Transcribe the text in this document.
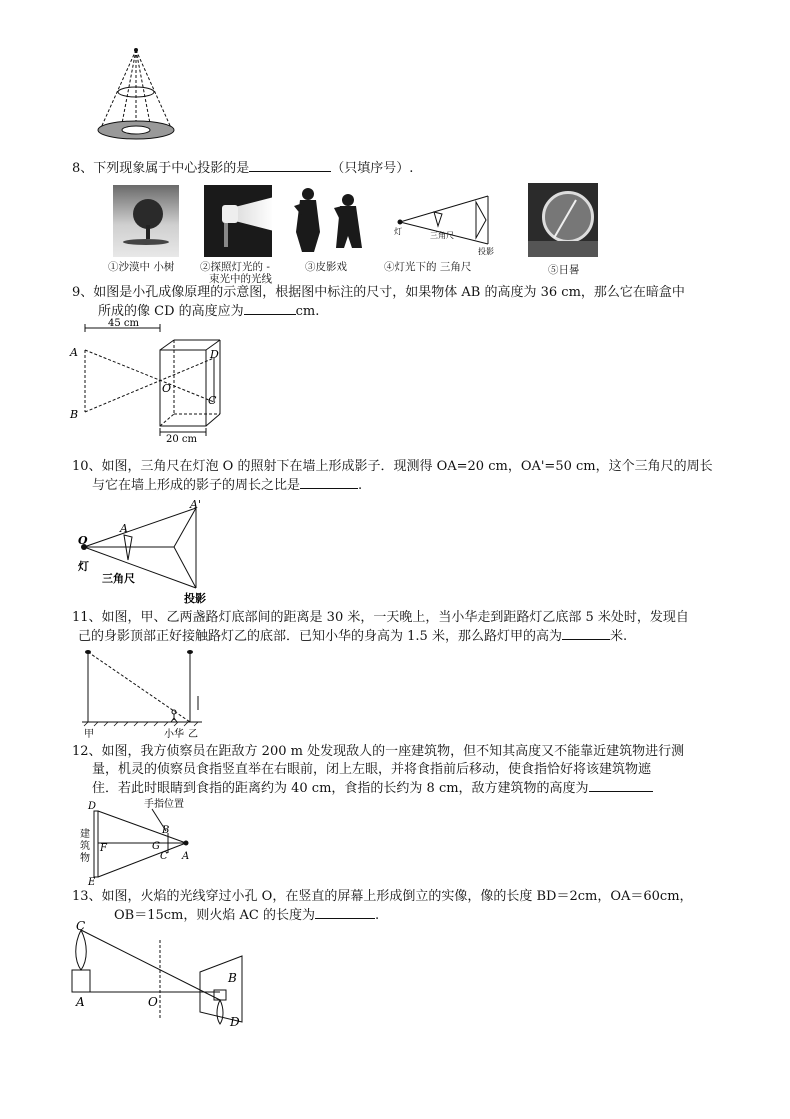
8、下列现象属于中心投影的是	（只填序号）.
灯	三角尺
投影
①沙漠中 小树 ②探照灯光的 -
束光中的光线
③皮影戏	④灯光下的 三角尺	⑤日晷
9、如图是小孔成像原理的示意图，根据图中标注的尺寸，如果物体 AB 的高度为 36 cm，那么它在暗盒中
所成的像 CD 的高度应为	cm.
45 cm
20 cm
A
B
O
D
C
10、如图，三角尺在灯泡 O 的照射下在墙上形成影子．现测得 OA=20 cm，OA'=50 cm，这个三角尺的周长
与它在墙上形成的影子的周长之比是	.
O
A
A'
灯
三角尺
投影
11、如图，甲、乙两盏路灯底部间的距离是 30 米，一天晚上，当小华走到距路灯乙底部 5 米处时，发现自
己的身影顶部正好接触路灯乙的底部．已知小华的身高为 1.5 米，那么路灯甲的高为	米.
甲	小华 乙
12、如图，我方侦察员在距敌方 200 m 处发现敌人的一座建筑物，但不知其高度又不能靠近建筑物进行测
量，机灵的侦察员食指竖直举在右眼前，闭上左眼，并将食指前后移动，使食指恰好将该建筑物遮
住．若此时眼睛到食指的距离约为 40 cm，食指的长约为 8 cm，敌方建筑物的高度为
D	手指位置
B
G
C A
F
E
建
筑
物
13、如图，火焰的光线穿过小孔 O，在竖直的屏幕上形成倒立的实像，像的长度 BD＝2cm，OA＝60cm，
OB＝15cm，则火焰 AC 的长度为	.
C
A	O
B
D
